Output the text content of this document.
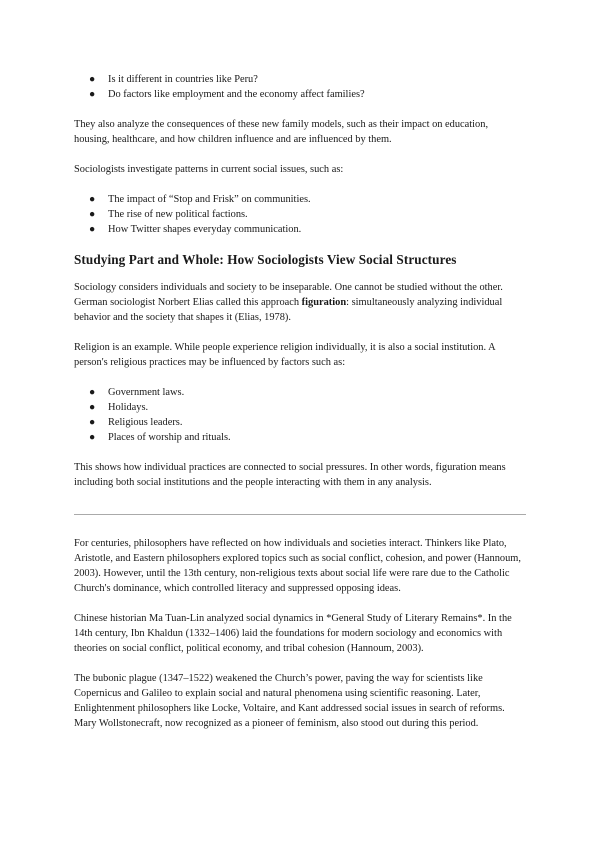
● Is it different in countries like Peru?
● Do factors like employment and the economy affect families?

They also analyze the consequences of these new family models, such as their impact on education, housing, healthcare, and how children influence and are influenced by them.

Sociologists investigate patterns in current social issues, such as:

● The impact of “Stop and Frisk” on communities.
● The rise of new political factions.
● How Twitter shapes everyday communication.
Studying Part and Whole: How Sociologists View Social Structures

Sociology considers individuals and society to be inseparable. One cannot be studied without the other. German sociologist Norbert Elias called this approach figuration: simultaneously analyzing individual behavior and the society that shapes it (Elias, 1978).

Religion is an example. While people experience religion individually, it is also a social institution. A person's religious practices may be influenced by factors such as:

● Government laws.
● Holidays.
● Religious leaders.
● Places of worship and rituals.

This shows how individual practices are connected to social pressures. In other words, figuration means including both social institutions and the people interacting with them in any analysis.

For centuries, philosophers have reflected on how individuals and societies interact. Thinkers like Plato, Aristotle, and Eastern philosophers explored topics such as social conflict, cohesion, and power (Hannoum, 2003). However, until the 13th century, non-religious texts about social life were rare due to the Catholic Church's dominance, which controlled literacy and suppressed opposing ideas.

Chinese historian Ma Tuan-Lin analyzed social dynamics in *General Study of Literary Remains*. In the 14th century, Ibn Khaldun (1332–1406) laid the foundations for modern sociology and economics with theories on social conflict, political economy, and tribal cohesion (Hannoum, 2003).

The bubonic plague (1347–1522) weakened the Church’s power, paving the way for scientists like Copernicus and Galileo to explain social and natural phenomena using scientific reasoning. Later, Enlightenment philosophers like Locke, Voltaire, and Kant addressed social issues in search of reforms. Mary Wollstonecraft, now recognized as a pioneer of feminism, also stood out during this period.
